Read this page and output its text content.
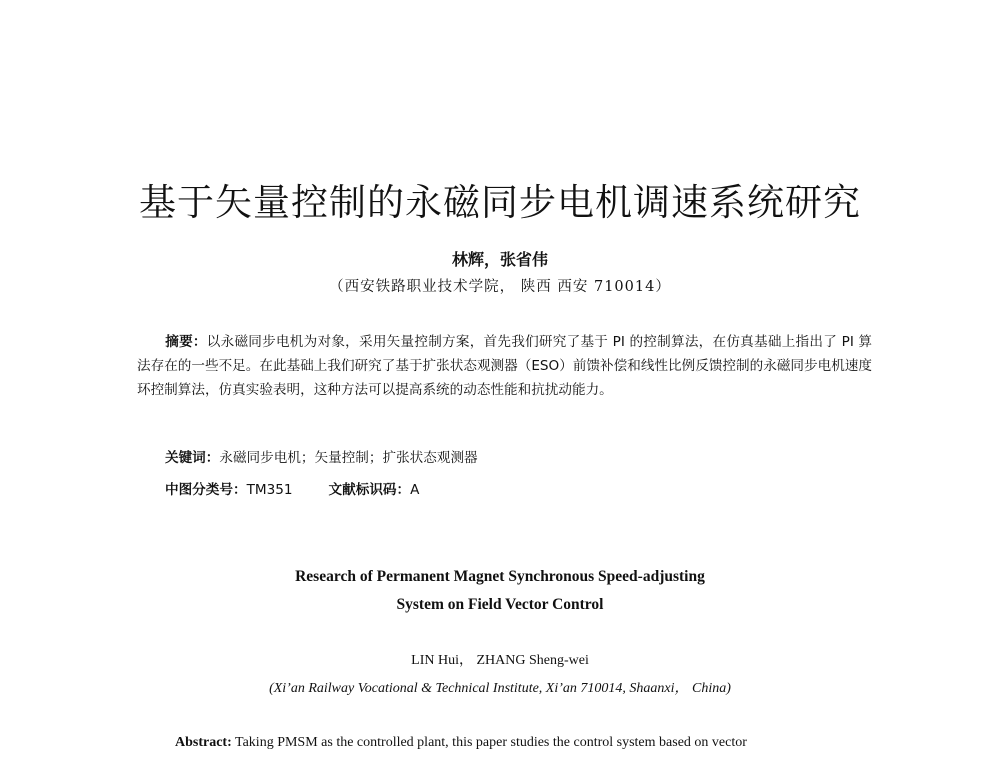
基于矢量控制的永磁同步电机调速系统研究
林辉，张省伟
（西安铁路职业技术学院， 陕西 西安 710014）
摘要：以永磁同步电机为对象，采用矢量控制方案，首先我们研究了基于 PI 的控制算法，在仿真基础上指出了 PI 算法存在的一些不足。在此基础上我们研究了基于扩张状态观测器（ESO）前馈补偿和线性比例反馈控制的永磁同步电机速度环控制算法，仿真实验表明，这种方法可以提高系统的动态性能和抗扰动能力。
关键词：永磁同步电机；矢量控制；扩张状态观测器
中图分类号：TM351	文献标识码：A
Research of Permanent Magnet Synchronous Speed-adjusting
System on Field Vector Control
LIN Hui， ZHANG Sheng-wei
(Xi’an Railway Vocational & Technical Institute, Xi’an 710014, Shaanxi， China)
Abstract: Taking PMSM as the controlled plant, this paper studies the control system based on vector
